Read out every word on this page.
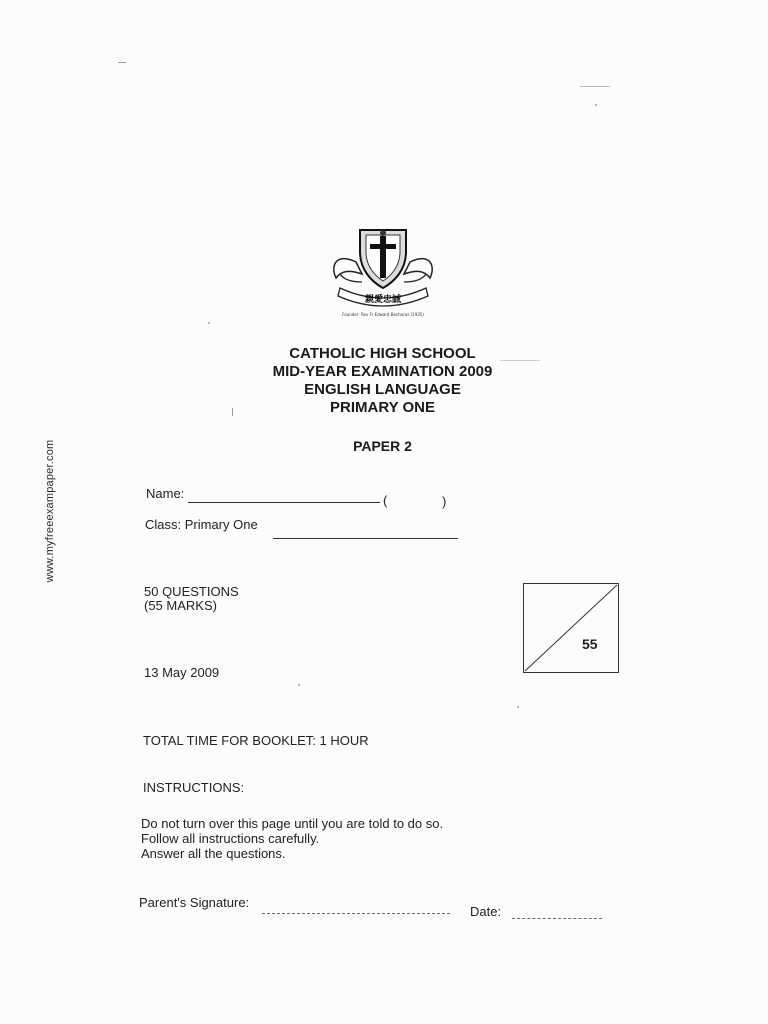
www.myfreeexampaper.com
親愛忠誠
Founder: Rev Fr Edward Becheras (1935)
CATHOLIC HIGH SCHOOL
MID-YEAR EXAMINATION 2009
ENGLISH LANGUAGE
PRIMARY ONE
PAPER 2
Name:	(	)
Class: Primary One
50 QUESTIONS
(55 MARKS)
55
13 May 2009
TOTAL TIME FOR BOOKLET: 1 HOUR
INSTRUCTIONS:
Do not turn over this page until you are told to do so.
Follow all instructions carefully.
Answer all the questions.
Parent's Signature:
Date:
